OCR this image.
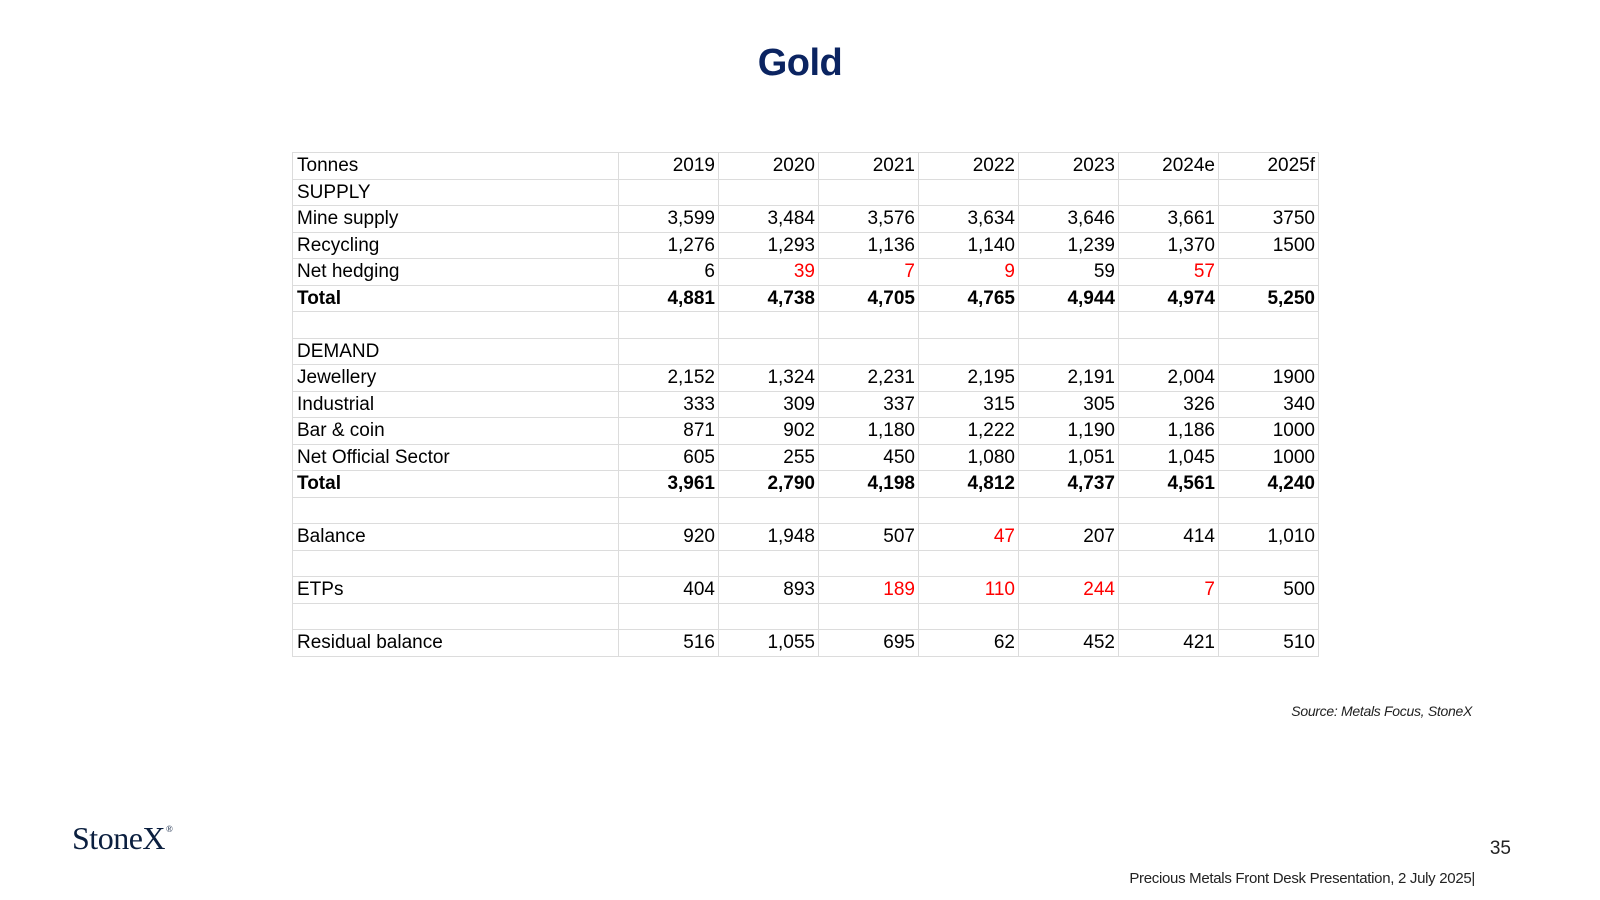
Gold
Tonnes	2019	2020	2021	2022	2023	2024e	2025f
SUPPLY							
Mine supply	3,599	3,484	3,576	3,634	3,646	3,661	3750
Recycling	1,276	1,293	1,136	1,140	1,239	1,370	1500
Net hedging	6	39	7	9	59	57	
Total	4,881	4,738	4,705	4,765	4,944	4,974	5,250

DEMAND							
Jewellery	2,152	1,324	2,231	2,195	2,191	2,004	1900
Industrial	333	309	337	315	305	326	340
Bar & coin	871	902	1,180	1,222	1,190	1,186	1000
Net Official Sector	605	255	450	1,080	1,051	1,045	1000
Total	3,961	2,790	4,198	4,812	4,737	4,561	4,240

Balance	920	1,948	507	47	207	414	1,010

ETPs	404	893	189	110	244	7	500

Residual balance	516	1,055	695	62	452	421	510
Source: Metals Focus, StoneX
StoneX®
35
Precious Metals Front Desk Presentation, 2 July 2025|
